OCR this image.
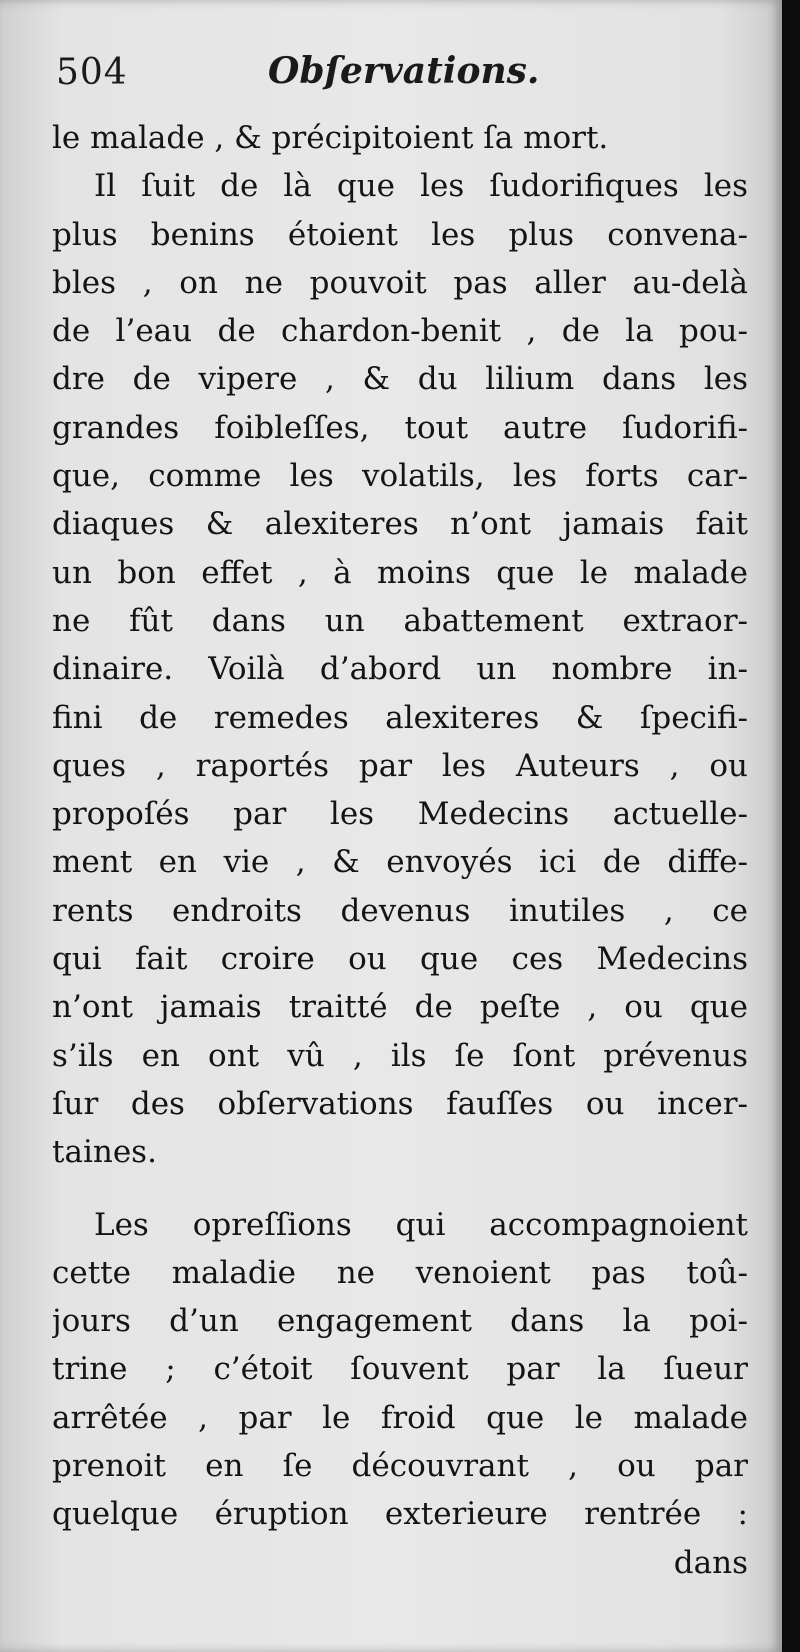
504	Obſervations.
le malade , & précipitoient ſa mort.
Il ſuit de là que les ſudorifiques les
plus benins étoient les plus convena-
bles , on ne pouvoit pas aller au-delà
de l’eau de chardon-benit , de la pou-
dre de vipere , & du lilium dans les
grandes foibleſſes, tout autre ſudorifi-
que, comme les volatils, les forts car-
diaques & alexiteres n’ont jamais fait
un bon effet , à moins que le malade
ne fût dans un abattement extraor-
dinaire. Voilà d’abord un nombre in-
fini de remedes alexiteres & ſpecifi-
ques , raportés par les Auteurs , ou
propoſés par les Medecins actuelle-
ment en vie , & envoyés ici de diffe-
rents endroits devenus inutiles , ce
qui fait croire ou que ces Medecins
n’ont jamais traitté de peſte , ou que
s’ils en ont vû , ils ſe ſont prévenus
ſur des obſervations fauſſes ou incer-
taines.
Les opreſſions qui accompagnoient
cette maladie ne venoient pas toû-
jours d’un engagement dans la poi-
trine ; c’étoit ſouvent par la ſueur
arrêtée , par le froid que le malade
prenoit en ſe découvrant , ou par
quelque éruption exterieure rentrée :
dans
